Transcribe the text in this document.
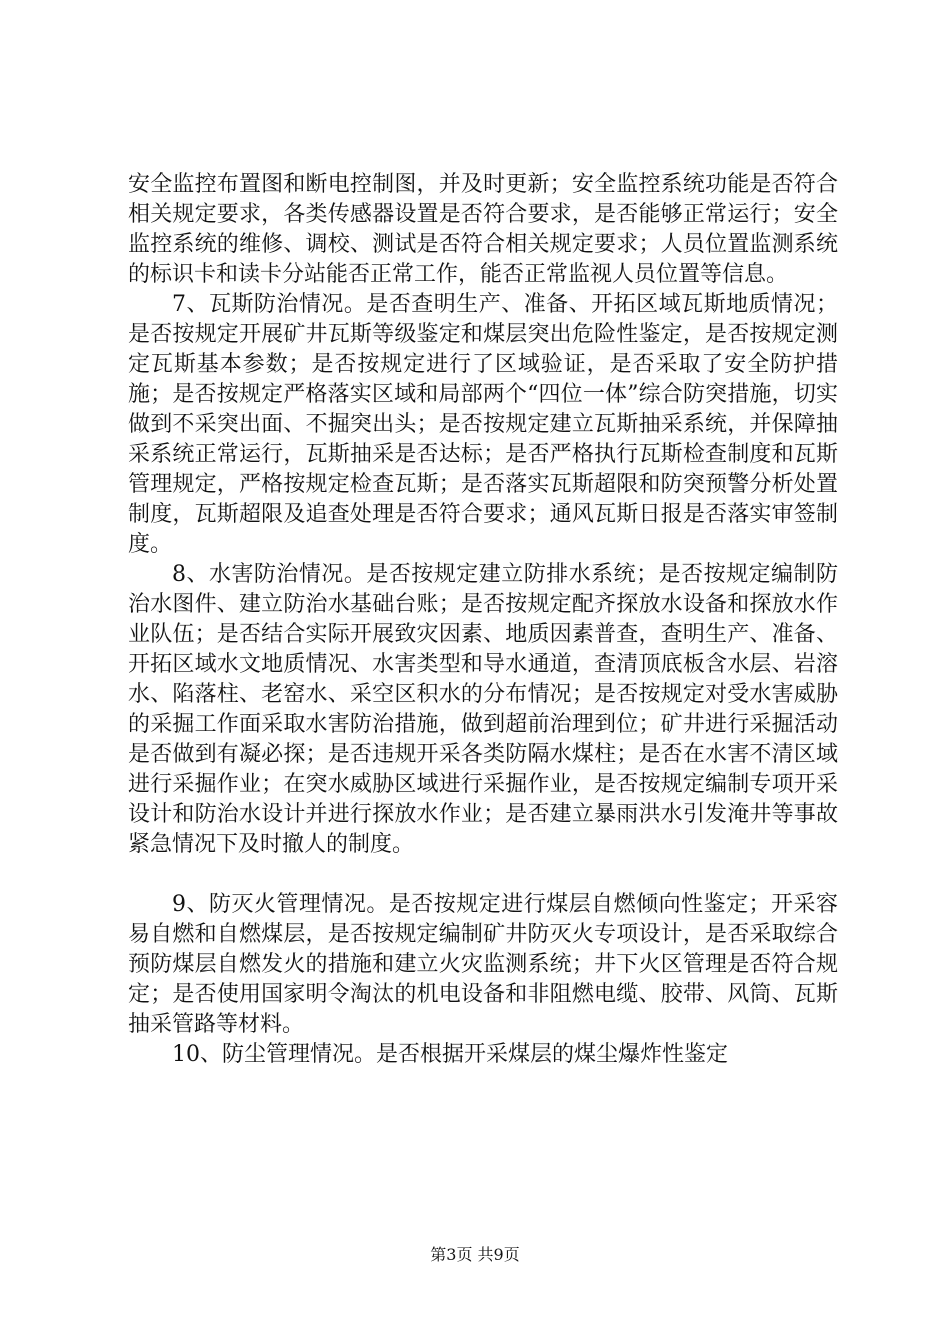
安全监控布置图和断电控制图，并及时更新；安全监控系统功能是否符合相关规定要求，各类传感器设置是否符合要求，是否能够正常运行；安全监控系统的维修、调校、测试是否符合相关规定要求；人员位置监测系统的标识卡和读卡分站能否正常工作，能否正常监视人员位置等信息。

7、瓦斯防治情况。是否查明生产、准备、开拓区域瓦斯地质情况；是否按规定开展矿井瓦斯等级鉴定和煤层突出危险性鉴定，是否按规定测定瓦斯基本参数；是否按规定进行了区域验证，是否采取了安全防护措施；是否按规定严格落实区域和局部两个“四位一体”综合防突措施，切实做到不采突出面、不掘突出头；是否按规定建立瓦斯抽采系统，并保障抽采系统正常运行，瓦斯抽采是否达标；是否严格执行瓦斯检查制度和瓦斯管理规定，严格按规定检查瓦斯；是否落实瓦斯超限和防突预警分析处置制度，瓦斯超限及追查处理是否符合要求；通风瓦斯日报是否落实审签制度。

8、水害防治情况。是否按规定建立防排水系统；是否按规定编制防治水图件、建立防治水基础台账；是否按规定配齐探放水设备和探放水作业队伍；是否结合实际开展致灾因素、地质因素普查，查明生产、准备、开拓区域水文地质情况、水害类型和导水通道，查清顶底板含水层、岩溶水、陷落柱、老窑水、采空区积水的分布情况；是否按规定对受水害威胁的采掘工作面采取水害防治措施，做到超前治理到位；矿井进行采掘活动是否做到有凝必探；是否违规开采各类防隔水煤柱；是否在水害不清区域进行采掘作业；在突水威胁区域进行采掘作业，是否按规定编制专项开采设计和防治水设计并进行探放水作业；是否建立暴雨洪水引发淹井等事故紧急情况下及时撤人的制度。

9、防灭火管理情况。是否按规定进行煤层自燃倾向性鉴定；开采容易自燃和自燃煤层，是否按规定编制矿井防灭火专项设计，是否采取综合预防煤层自燃发火的措施和建立火灾监测系统；井下火区管理是否符合规定；是否使用国家明令淘汰的机电设备和非阻燃电缆、胶带、风筒、瓦斯抽采管路等材料。

10、防尘管理情况。是否根据开采煤层的煤尘爆炸性鉴定

第3页 共9页
